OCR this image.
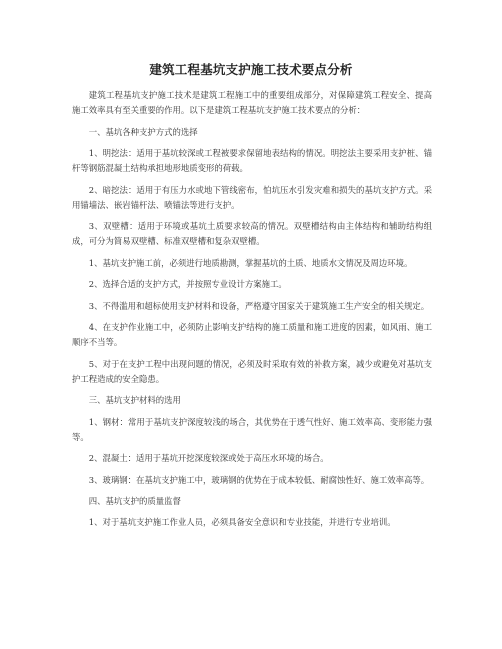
建筑工程基坑支护施工技术要点分析

建筑工程基坑支护施工技术是建筑工程施工中的重要组成部分，对保障建筑工程安全、提高施工效率具有至关重要的作用。以下是建筑工程基坑支护施工技术要点的分析：

一、基坑各种支护方式的选择

1、明挖法：适用于基坑较深或工程被要求保留地表结构的情况。明挖法主要采用支护桩、锚杆等钢筋混凝土结构承担地形地质变形的荷载。

2、暗挖法：适用于有压力水或地下管线密布，怕坑压水引发灾难和损失的基坑支护方式。采用锚墙法、嵌岩锚杆法、喷锚法等进行支护。

3、双壁槽：适用于环境或基坑土质要求较高的情况。双壁槽结构由主体结构和辅助结构组成，可分为简易双壁槽、标准双壁槽和复杂双壁槽。

1、基坑支护施工前，必须进行地质勘测，掌握基坑的土质、地质水文情况及周边环境。

2、选择合适的支护方式，并按照专业设计方案施工。

3、不得滥用和超标使用支护材料和设备，严格遵守国家关于建筑施工生产安全的相关规定。

4、在支护作业施工中，必须防止影响支护结构的施工质量和施工进度的因素，如风雨、施工顺序不当等。

5、对于在支护工程中出现问题的情况，必须及时采取有效的补救方案，减少或避免对基坑支护工程造成的安全隐患。

三、基坑支护材料的选用

1、钢材：常用于基坑支护深度较浅的场合，其优势在于透气性好、施工效率高、变形能力强等。

2、混凝土：适用于基坑开挖深度较深或处于高压水环境的场合。

3、玻璃钢：在基坑支护施工中，玻璃钢的优势在于成本较低、耐腐蚀性好、施工效率高等。

四、基坑支护的质量监督

1、对于基坑支护施工作业人员，必须具备安全意识和专业技能，并进行专业培训。
